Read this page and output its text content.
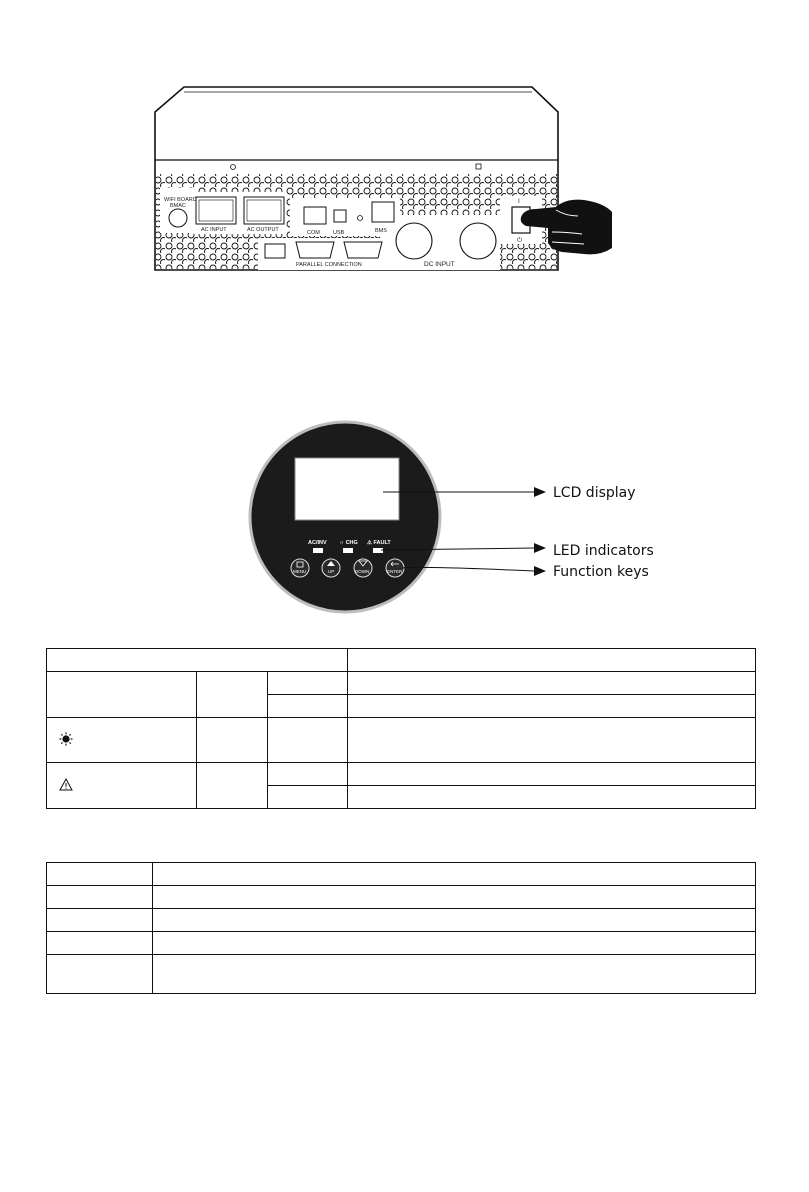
WIFI BOARD
BMAC
AC INPUT	AC OUTPUT	COM USB	BMS
PARALLEL CONNECTION	DC INPUT
I
⏻
AC/INV ☼ CHG ⚠ FAULT
MENU	UP	DOWN	ENTER
LCD display
LED indicators
Function keys
